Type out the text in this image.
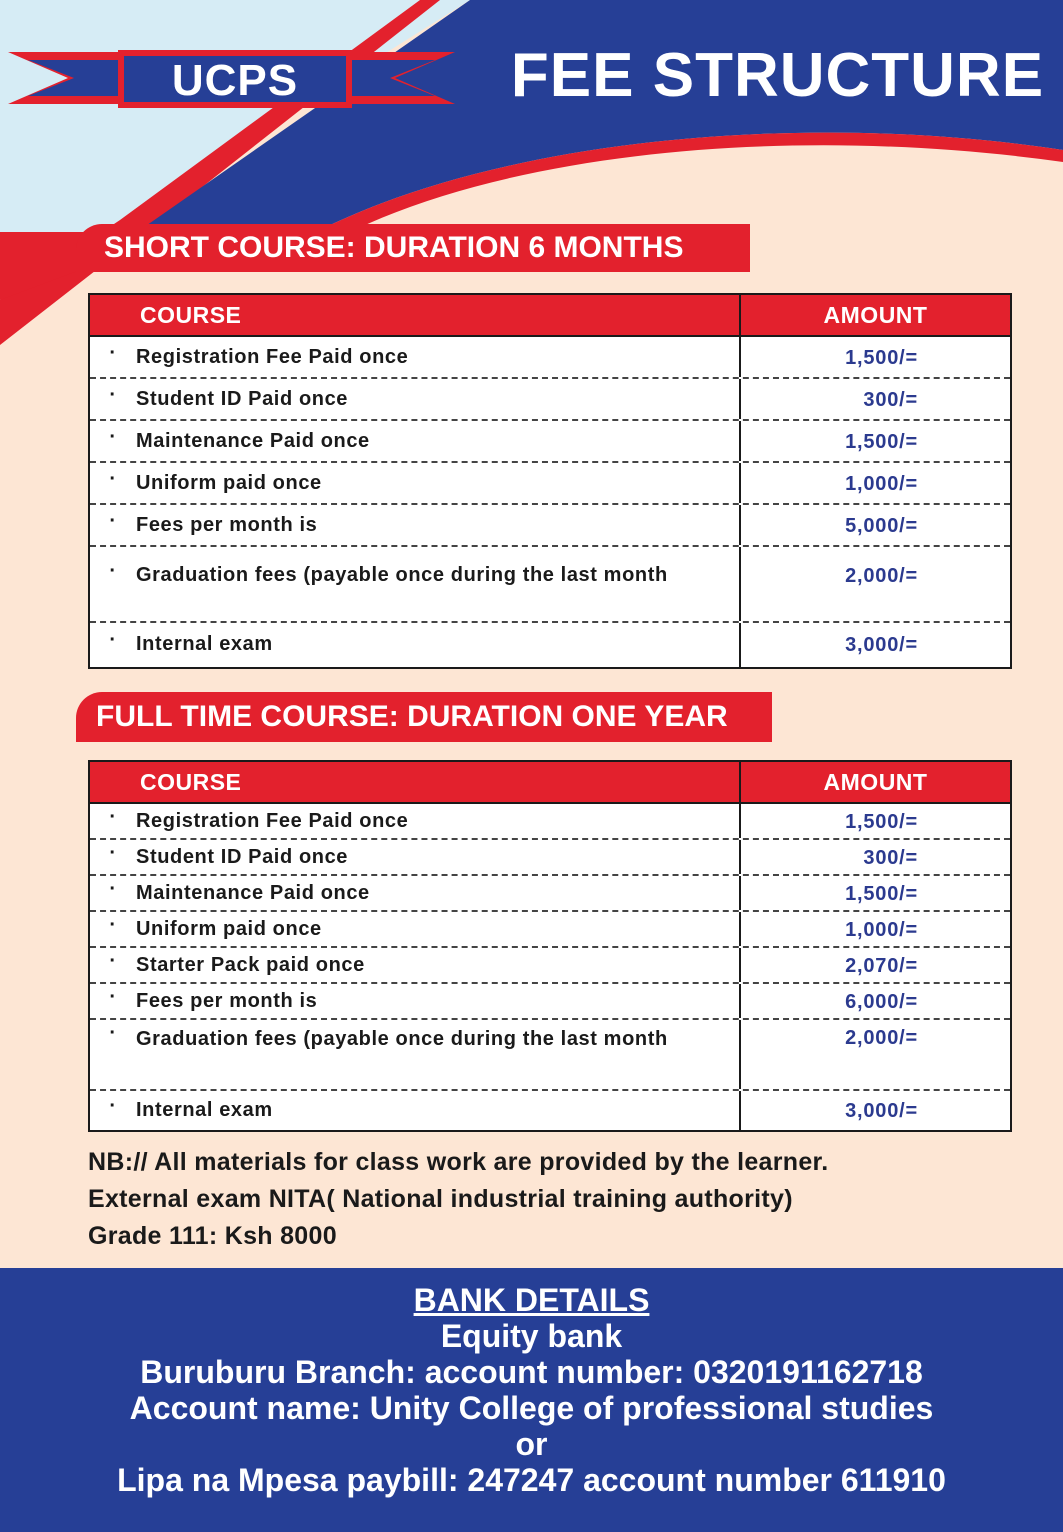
UCPS	FEE STRUCTURE
SHORT COURSE: DURATION 6 MONTHS
COURSE	AMOUNT
· Registration Fee Paid once	1,500/=
· Student ID Paid once	300/=
· Maintenance Paid once	1,500/=
· Uniform paid once	1,000/=
· Fees per month is	5,000/=
· Graduation fees (payable once during the last month	2,000/=
· Internal exam	3,000/=
FULL TIME COURSE: DURATION ONE YEAR
COURSE	AMOUNT
· Registration Fee Paid once	1,500/=
· Student ID Paid once	300/=
· Maintenance Paid once	1,500/=
· Uniform paid once	1,000/=
· Starter Pack paid once	2,070/=
· Fees per month is	6,000/=
· Graduation fees (payable once during the last month	2,000/=
· Internal exam	3,000/=
NB:// All materials for class work are provided by the learner.
External exam NITA( National industrial training authority)
Grade 111: Ksh 8000
BANK DETAILS
Equity bank
Buruburu Branch: account number: 0320191162718
Account name: Unity College of professional studies
or
Lipa na Mpesa paybill: 247247 account number 611910
